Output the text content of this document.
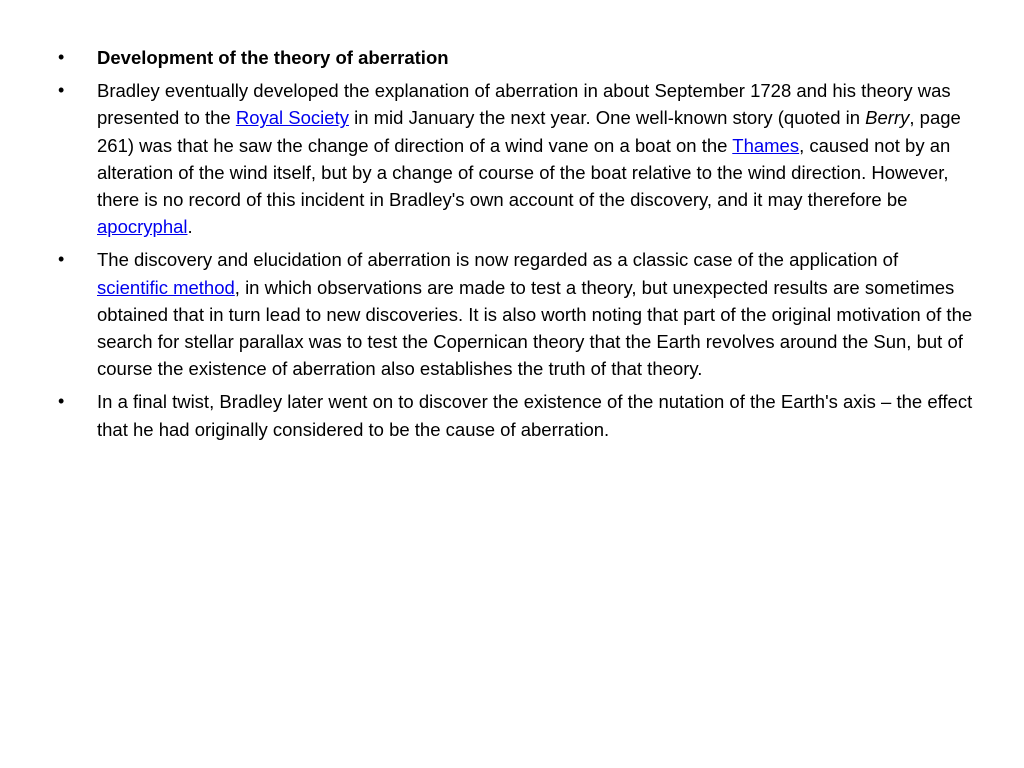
•	Development of the theory of aberration
•	Bradley eventually developed the explanation of aberration in about September 1728 and his theory was presented to the Royal Society in mid January the next year. One well-known story (quoted in Berry, page 261) was that he saw the change of direction of a wind vane on a boat on the Thames, caused not by an alteration of the wind itself, but by a change of course of the boat relative to the wind direction. However, there is no record of this incident in Bradley's own account of the discovery, and it may therefore be apocryphal.
•	The discovery and elucidation of aberration is now regarded as a classic case of the application of scientific method, in which observations are made to test a theory, but unexpected results are sometimes obtained that in turn lead to new discoveries. It is also worth noting that part of the original motivation of the search for stellar parallax was to test the Copernican theory that the Earth revolves around the Sun, but of course the existence of aberration also establishes the truth of that theory.
•	In a final twist, Bradley later went on to discover the existence of the nutation of the Earth's axis – the effect that he had originally considered to be the cause of aberration.
